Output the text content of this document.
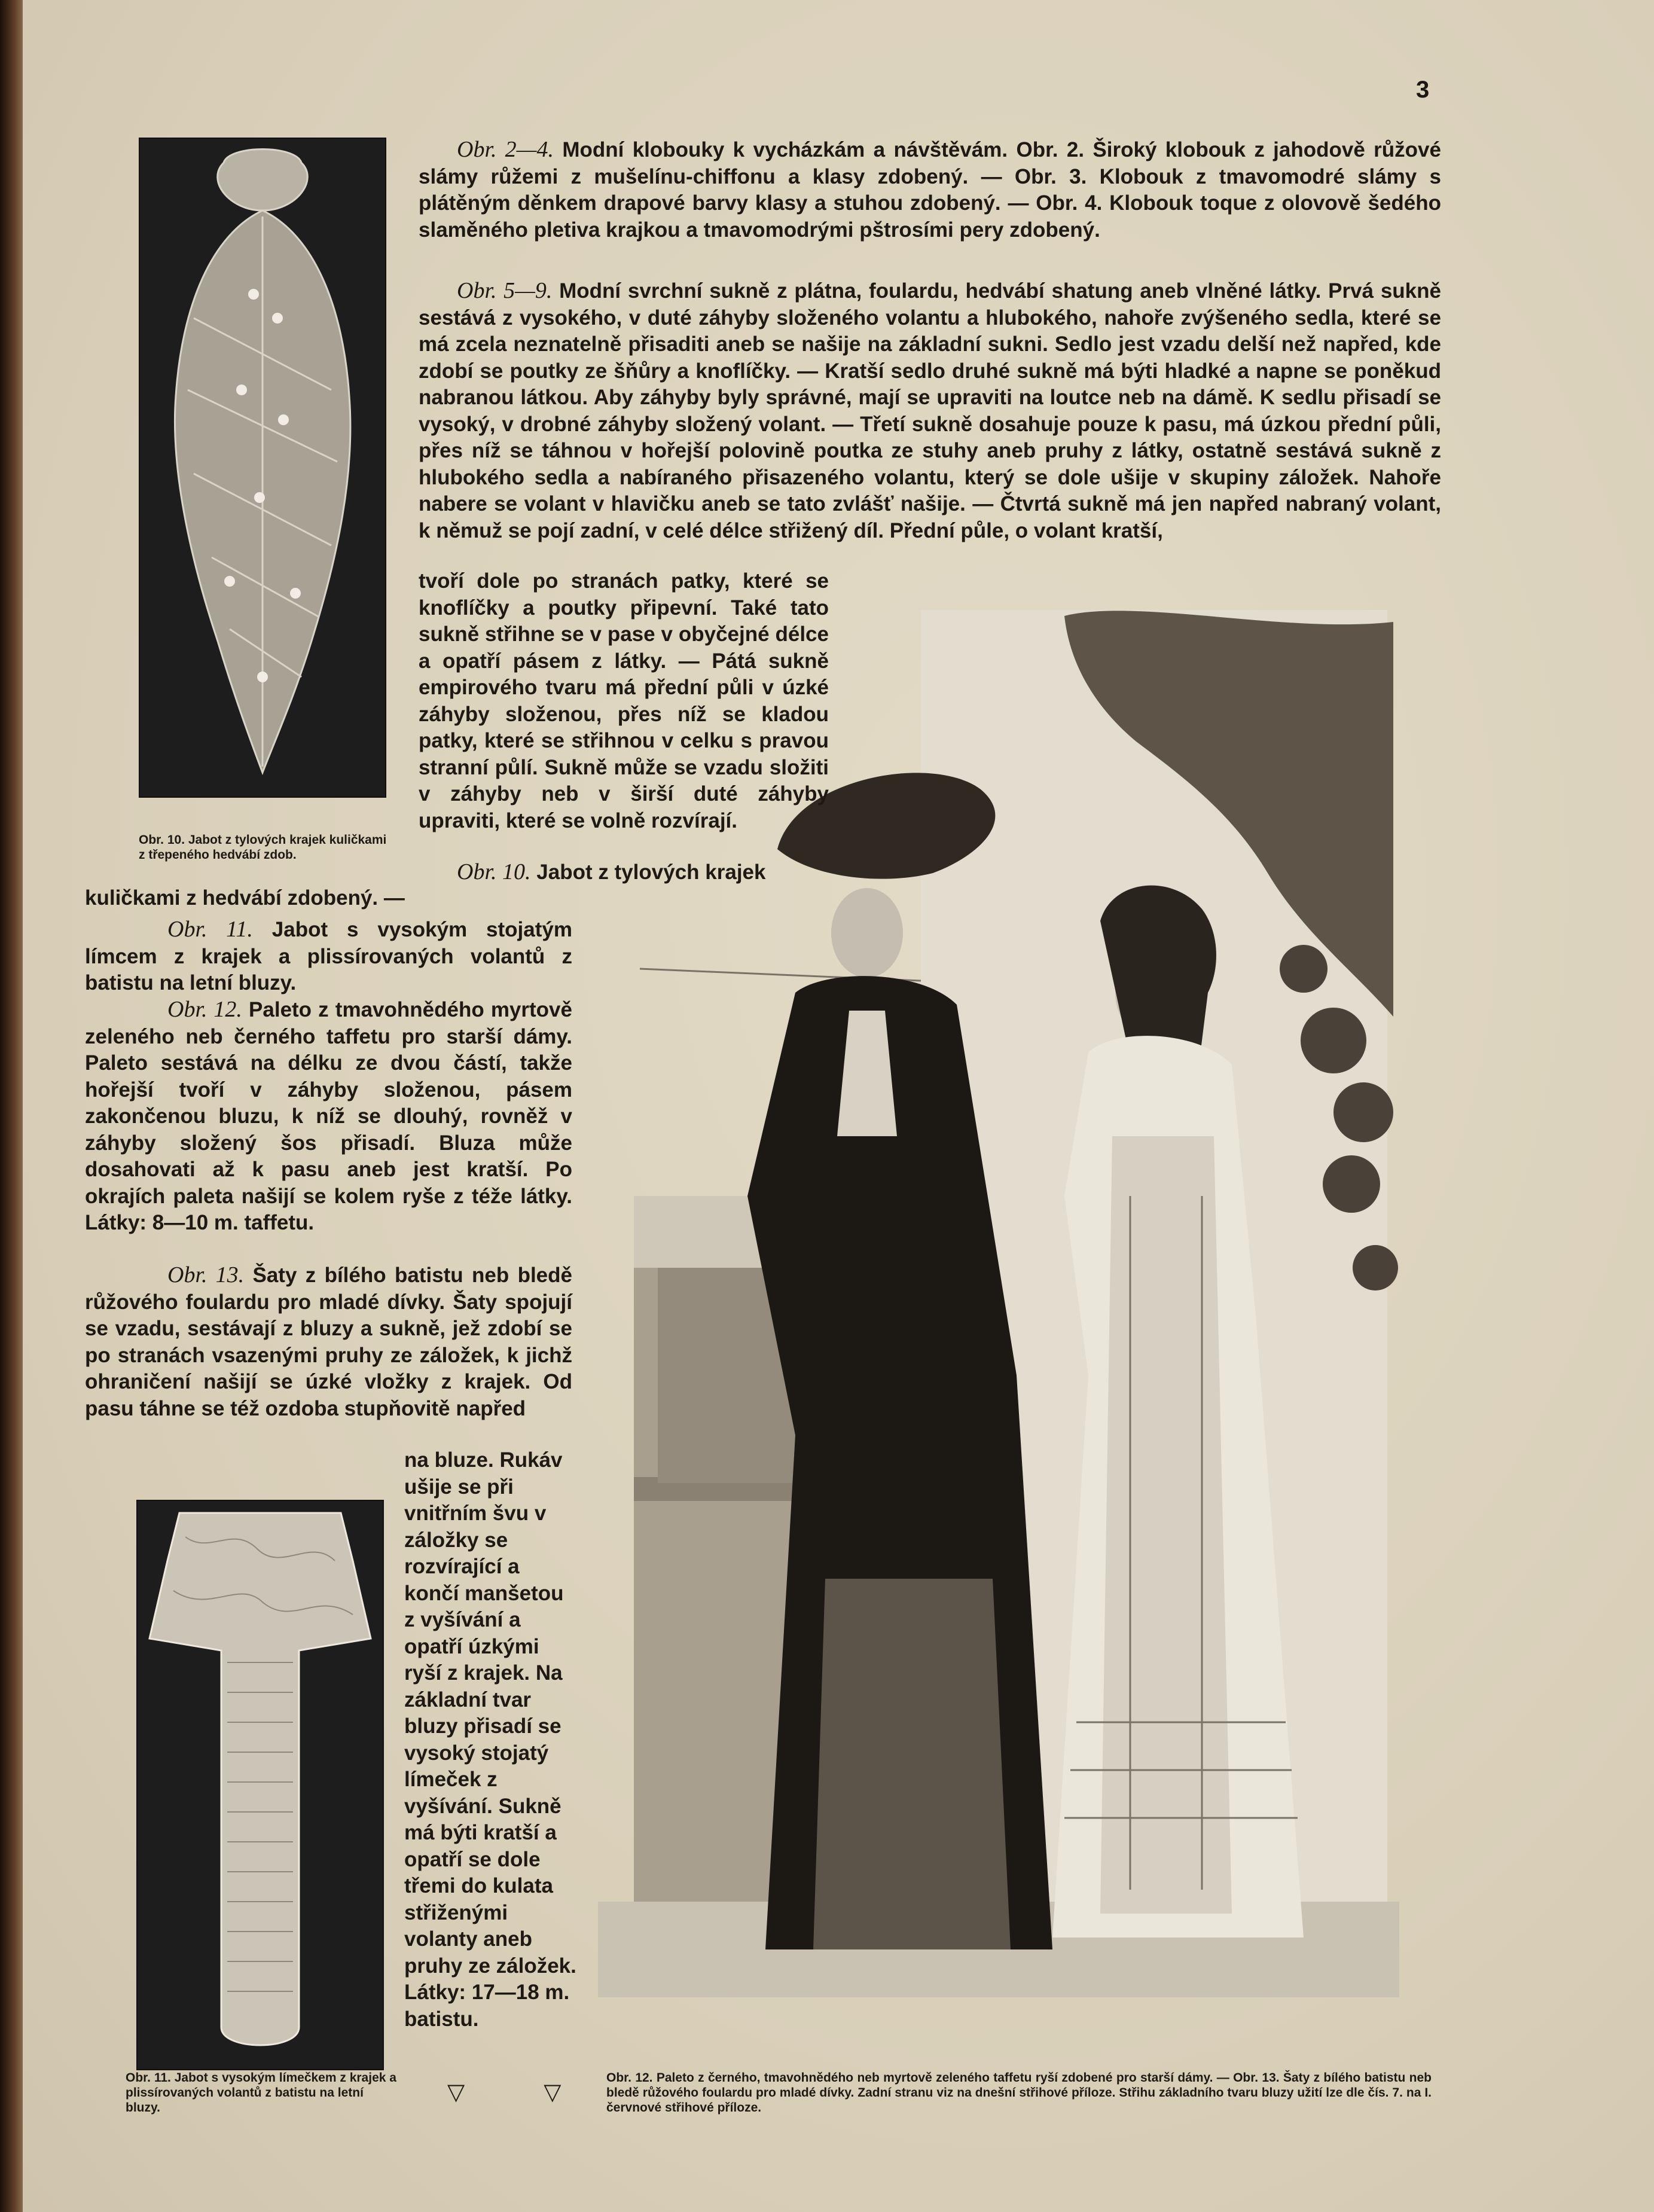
3
Obr. 10. Jabot z tylových krajek kuličkami z třepeného hedvábí zdob.
Obr. 11. Jabot s vysokým límečkem z krajek a plissírovaných volantů z batistu na letní bluzy.
Obr. 2—4. Modní klobouky k vycházkám a návštěvám. Obr. 2. Široký klobouk z jahodově růžové slámy růžemi z mušelínu-chiffonu a klasy zdobený. — Obr. 3. Klobouk z tmavomodré slámy s plátěným děnkem drapové barvy klasy a stuhou zdobený. — Obr. 4. Klobouk toque z olovově šedého slaměného pletiva krajkou a tmavomodrými pštrosími pery zdobený.
Obr. 5—9. Modní svrchní sukně z plátna, foulardu, hedvábí shatung aneb vlněné látky. Prvá sukně sestává z vysokého, v duté záhyby složeného volantu a hlubokého, nahoře zvýšeného sedla, které se má zcela neznatelně přisaditi aneb se našije na základní sukni. Sedlo jest vzadu delší než napřed, kde zdobí se poutky ze šňůry a knoflíčky. — Kratší sedlo druhé sukně má býti hladké a napne se poněkud nabranou látkou. Aby záhyby byly správné, mají se upraviti na loutce neb na dámě. K sedlu přisadí se vysoký, v drobné záhyby složený volant. — Třetí sukně dosahuje pouze k pasu, má úzkou přední půli, přes níž se táhnou v hořejší polovině poutka ze stuhy aneb pruhy z látky, ostatně sestává sukně z hlubokého sedla a nabíraného přisazeného volantu, který se dole ušije v skupiny záložek. Nahoře nabere se volant v hlavičku aneb se tato zvlášť našije. — Čtvrtá sukně má jen napřed nabraný volant, k němuž se pojí zadní, v celé délce střižený díl. Přední půle, o volant kratší,
tvoří dole po stranách patky, které se knoflíčky a poutky připevní. Také tato sukně střihne se v pase v obyčejné délce a opatří pásem z látky. — Pátá sukně empirového tvaru má přední půli v úzké záhyby složenou, přes níž se kladou patky, které se střihnou v celku s pravou stranní půlí. Sukně může se vzadu složiti v záhyby neb v širší duté záhyby upraviti, které se volně rozvírají.
Obr. 10. Jabot z tylových krajek
kuličkami z hedvábí zdobený. —
Obr. 11. Jabot s vysokým stojatým límcem z krajek a plissírovaných volantů z batistu na letní bluzy.
Obr. 12. Paleto z tmavohnědého myrtově zeleného neb černého taffetu pro starší dámy. Paleto sestává na délku ze dvou částí, takže hořejší tvoří v záhyby složenou, pásem zakončenou bluzu, k níž se dlouhý, rovněž v záhyby složený šos přisadí. Bluza může dosahovati až k pasu aneb jest kratší. Po okrajích paleta našijí se kolem ryše z téže látky. Látky: 8—10 m. taffetu.
Obr. 13. Šaty z bílého batistu neb bledě růžového foulardu pro mladé dívky. Šaty spojují se vzadu, sestávají z bluzy a sukně, jež zdobí se po stranách vsazenými pruhy ze záložek, k jichž ohraničení našijí se úzké vložky z krajek. Od pasu táhne se též ozdoba stupňovitě napřed
na bluze. Rukáv ušije se při vnitřním švu v záložky se rozvírající a končí manšetou z vyšívání a opatří úzkými ryší z krajek. Na základní tvar bluzy přisadí se vysoký stojatý límeček z vyšívání. Sukně má býti kratší a opatří se dole třemi do kulata střiženými volanty aneb pruhy ze záložek. Látky: 17—18 m. batistu.
▽ ▽
Obr. 12. Paleto z černého, tmavohnědého neb myrtově zeleného taffetu ryší zdobené pro starší dámy. — Obr. 13. Šaty z bílého batistu neb bledě růžového foulardu pro mladé dívky. Zadní stranu viz na dnešní střihové příloze. Střihu základního tvaru bluzy užití lze dle čís. 7. na I. červnové střihové příloze.
